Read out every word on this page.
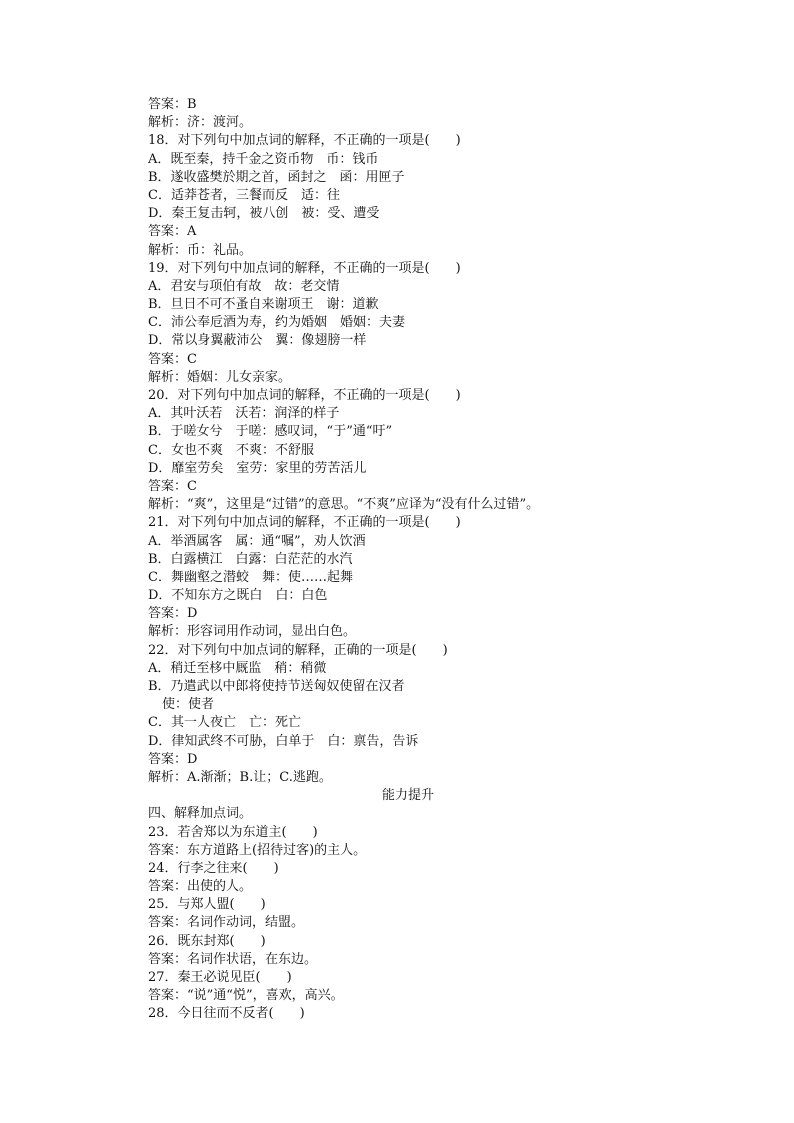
答案：B
解析：济：渡河。
18．对下列句中加点词的解释，不正确的一项是(　　)
A．既至秦，持千金之资币物　币：钱币
B．遂收盛樊於期之首，函封之　函：用匣子
C．适莽苍者，三餐而反　适：往
D．秦王复击轲，被八创　被：受、遭受
答案：A
解析：币：礼品。
19．对下列句中加点词的解释，不正确的一项是(　　)
A．君安与项伯有故　故：老交情
B．旦日不可不蚤自来谢项王　谢：道歉
C．沛公奉卮酒为寿，约为婚姻　婚姻：夫妻
D．常以身翼蔽沛公　翼：像翅膀一样
答案：C
解析：婚姻：儿女亲家。
20．对下列句中加点词的解释，不正确的一项是(　　)
A．其叶沃若　沃若：润泽的样子
B．于嗟女兮　于嗟：感叹词，“于”通“吁”
C．女也不爽　不爽：不舒服
D．靡室劳矣　室劳：家里的劳苦活儿
答案：C
解析：“爽”，这里是“过错”的意思。“不爽”应译为“没有什么过错”。
21．对下列句中加点词的解释，不正确的一项是(　　)
A．举酒属客　属：通“嘱”，劝人饮酒
B．白露横江　白露：白茫茫的水汽
C．舞幽壑之潜蛟　舞：使……起舞
D．不知东方之既白　白：白色
答案：D
解析：形容词用作动词，显出白色。
22．对下列句中加点词的解释，正确的一项是(　　)
A．稍迁至栘中厩监　稍：稍微
B．乃遣武以中郎将使持节送匈奴使留在汉者
使：使者
C．其一人夜亡　亡：死亡
D．律知武终不可胁，白单于　白：禀告，告诉
答案：D
解析：A.渐渐；B.让；C.逃跑。
能力提升
四、解释加点词。
23．若舍郑以为东道主(　　)
答案：东方道路上(招待过客)的主人。
24．行李之往来(　　)
答案：出使的人。
25．与郑人盟(　　)
答案：名词作动词，结盟。
26．既东封郑(　　)
答案：名词作状语，在东边。
27．秦王必说见臣(　　)
答案：“说”通“悦”，喜欢，高兴。
28．今日往而不反者(　　)
